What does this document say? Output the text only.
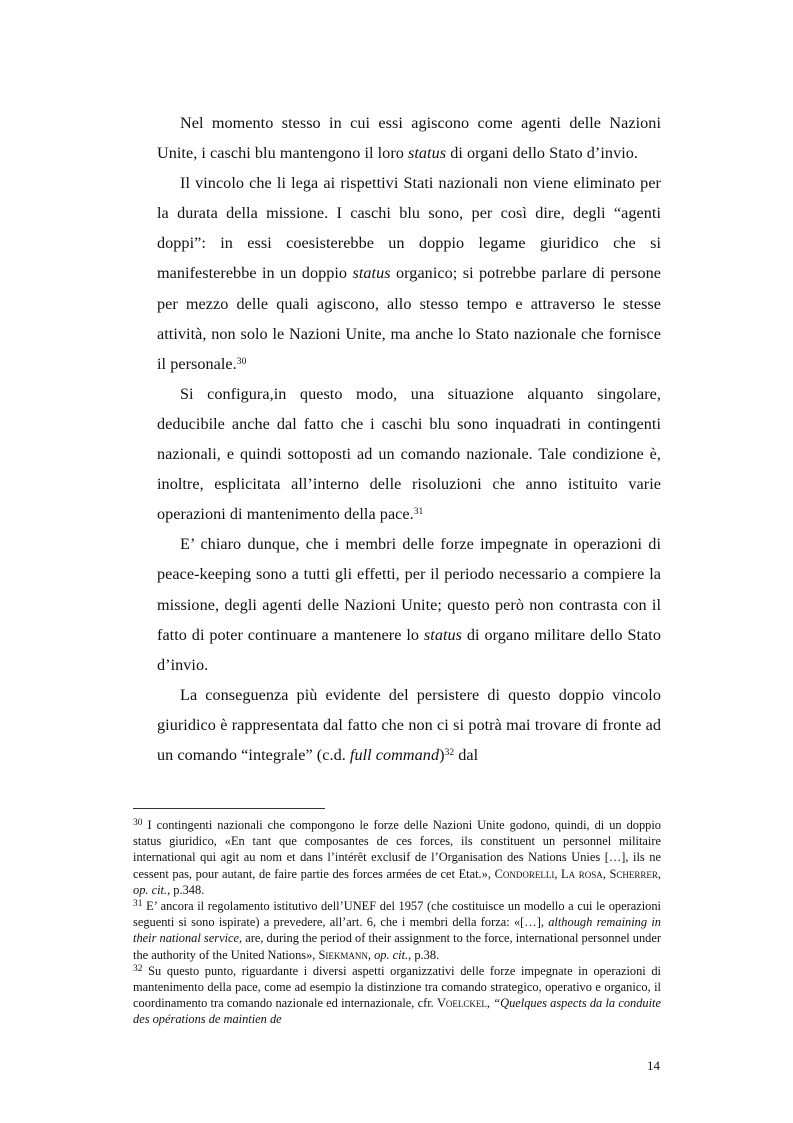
Nel momento stesso in cui essi agiscono come agenti delle Nazioni Unite, i caschi blu mantengono il loro status di organi dello Stato d’invio.

Il vincolo che li lega ai rispettivi Stati nazionali non viene eliminato per la durata della missione. I caschi blu sono, per così dire, degli “agenti doppi”: in essi coesisterebbe un doppio legame giuridico che si manifesterebbe in un doppio status organico; si potrebbe parlare di persone per mezzo delle quali agiscono, allo stesso tempo e attraverso le stesse attività, non solo le Nazioni Unite, ma anche lo Stato nazionale che fornisce il personale.$^{30}$

Si configura,in questo modo, una situazione alquanto singolare, deducibile anche dal fatto che i caschi blu sono inquadrati in contingenti nazionali, e quindi sottoposti ad un comando nazionale. Tale condizione è, inoltre, esplicitata all’interno delle risoluzioni che anno istituito varie operazioni di mantenimento della pace.$^{31}$

E’ chiaro dunque, che i membri delle forze impegnate in operazioni di peace-keeping sono a tutti gli effetti, per il periodo necessario a compiere la missione, degli agenti delle Nazioni Unite; questo però non contrasta con il fatto di poter continuare a mantenere lo status di organo militare dello Stato d’invio.

La conseguenza più evidente del persistere di questo doppio vincolo giuridico è rappresentata dal fatto che non ci si potrà mai trovare di fronte ad un comando “integrale” (c.d. full command)$^{32}$ dal

$^{30}$ I contingenti nazionali che compongono le forze delle Nazioni Unite godono, quindi, di un doppio status giuridico, «En tant que composantes de ces forces, ils constituent un personnel militaire international qui agit au nom et dans l’intérêt exclusif de l’Organisation des Nations Unies […], ils ne cessent pas, pour autant, de faire partie des forces armées de cet Etat.», Condorelli, La rosa, Scherrer, op. cit., p.348.

$^{31}$ E’ ancora il regolamento istitutivo dell’UNEF del 1957 (che costituisce un modello a cui le operazioni seguenti si sono ispirate) a prevedere, all’art. 6, che i membri della forza: «[…], although remaining in their national service, are, during the period of their assignment to the force, international personnel under the authority of the United Nations», Siekmann, op. cit., p.38.

$^{32}$ Su questo punto, riguardante i diversi aspetti organizzativi delle forze impegnate in operazioni di mantenimento della pace, come ad esempio la distinzione tra comando strategico, operativo e organico, il coordinamento tra comando nazionale ed internazionale, cfr. Voelckel, “Quelques aspects da la conduite des opérations de maintien de

14
